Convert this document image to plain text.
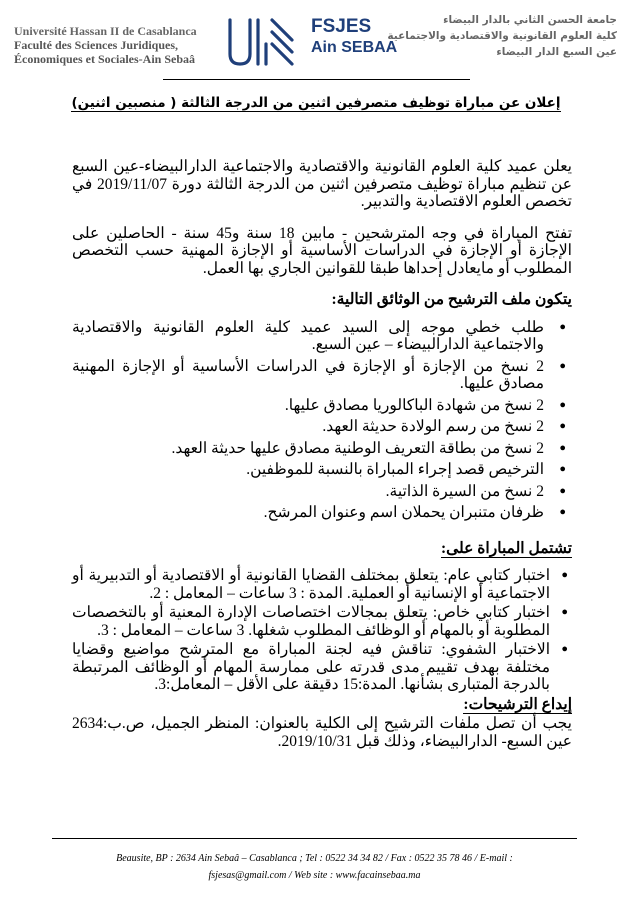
Université Hassan II de Casablanca
Faculté des Sciences Juridiques,
Économiques et Sociales-Ain Sebaâ
FSJES
Ain SEBAA
جامعة الحسن الثاني بالدار البيضاء
كلية العلوم القانونية والاقتصادية والاجتماعية
عين السبع الدار البيضاء
إعلان عن مباراة توظيف متصرفين اثنين من الدرجة الثالثة ( منصبين اثنين)

يعلن عميد كلية العلوم القانونية والاقتصادية والاجتماعية الدارالبيضاء-عين السبع عن تنظيم مباراة توظيف متصرفين اثنين من الدرجة الثالثة دورة 2019/11/07 في تخصص العلوم الاقتصادية والتدبير.

تفتح المباراة في وجه المترشحين - مابين 18 سنة و45 سنة - الحاصلين على الإجازة أو الإجازة في الدراسات الأساسية أو الإجازة المهنية حسب التخصص المطلوب أو مايعادل إحداها طبقا للقوانين الجاري بها العمل.

يتكون ملف الترشيح من الوثائق التالية:
● طلب خطي موجه إلى السيد عميد كلية العلوم القانونية والاقتصادية والاجتماعية الدارالبيضاء – عين السبع.
● 2 نسخ من الإجازة أو الإجازة في الدراسات الأساسية أو الإجازة المهنية مصادق عليها.
● 2 نسخ من شهادة الباكالوريا مصادق عليها.
● 2 نسخ من رسم الولادة حديثة العهد.
● 2 نسخ من بطاقة التعريف الوطنية مصادق عليها حديثة العهد.
● الترخيص قصد إجراء المباراة بالنسبة للموظفين.
● 2 نسخ من السيرة الذاتية.
● ظرفان متنبران يحملان اسم وعنوان المرشح.
تشتمل المباراة على:
● اختبار كتابي عام: يتعلق بمختلف القضايا القانونية أو الاقتصادية أو التدبيرية أو الاجتماعية أو الإنسانية أو العملية. المدة : 3 ساعات – المعامل : 2.
● اختبار كتابي خاص: يتعلق بمجالات اختصاصات الإدارة المعنية أو بالتخصصات المطلوبة أو بالمهام أو الوظائف المطلوب شغلها. 3 ساعات – المعامل : 3.
● الاختبار الشفوي: تناقش فيه لجنة المباراة مع المترشح مواضيع وقضايا مختلفة بهدف تقييم مدى قدرته على ممارسة المهام أو الوظائف المرتبطة بالدرجة المتبارى بشأنها. المدة:15 دقيقة على الأقل – المعامل:3.
إيداع الترشيحات:

يجب أن تصل ملفات الترشيح إلى الكلية بالعنوان: المنظر الجميل، ص.ب:2634 عين السبع- الدارالبيضاء، وذلك قبل 2019/10/31.

Beausite, BP : 2634 Ain Sebaâ – Casablanca ; Tel : 0522 34 34 82 / Fax : 0522 35 78 46 / E-mail :
fsjesas@gmail.com / Web site : www.facainsebaa.ma
